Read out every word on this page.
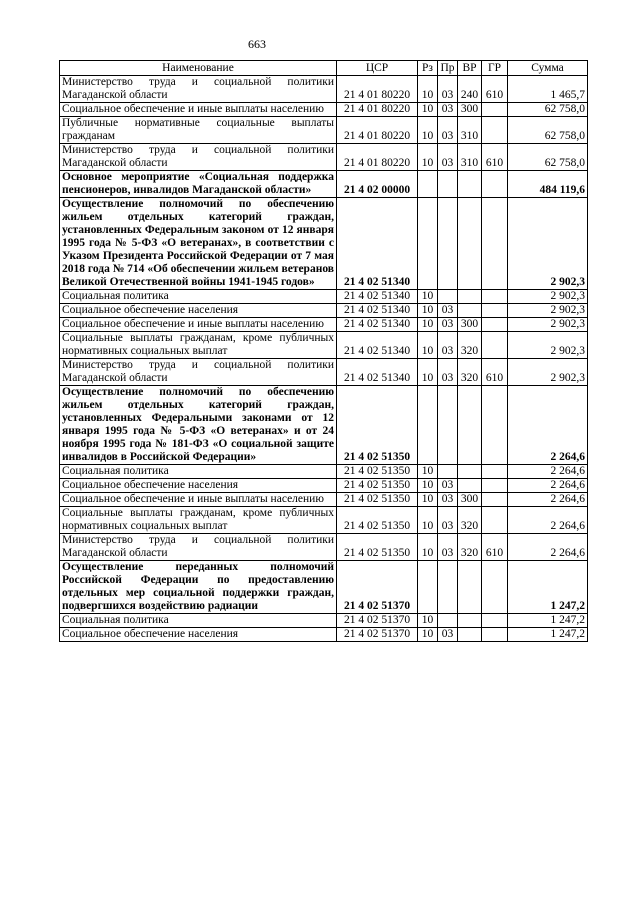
663
Наименование	ЦСР	Рз	Пр	ВР	ГР	Сумма
Министерство труда и социальной политики Магаданской области	21 4 01 80220	10	03	240	610	1 465,7
Социальное обеспечение и иные выплаты населению	21 4 01 80220	10	03	300		62 758,0
Публичные нормативные социальные выплаты гражданам	21 4 01 80220	10	03	310		62 758,0
Министерство труда и социальной политики Магаданской области	21 4 01 80220	10	03	310	610	62 758,0
Основное мероприятие «Социальная поддержка пенсионеров, инвалидов Магаданской области»	21 4 02 00000					484 119,6
Осуществление полномочий по обеспечению жильем отдельных категорий граждан, установленных Федеральным законом от 12 января 1995 года № 5-ФЗ «О ветеранах», в соответствии с Указом Президента Российской Федерации от 7 мая 2018 года № 714 «Об обеспечении жильем ветеранов Великой Отечественной войны 1941-1945 годов»	21 4 02 51340					2 902,3
Социальная политика	21 4 02 51340	10				2 902,3
Социальное обеспечение населения	21 4 02 51340	10	03			2 902,3
Социальное обеспечение и иные выплаты населению	21 4 02 51340	10	03	300		2 902,3
Социальные выплаты гражданам, кроме публичных нормативных социальных выплат	21 4 02 51340	10	03	320		2 902,3
Министерство труда и социальной политики Магаданской области	21 4 02 51340	10	03	320	610	2 902,3
Осуществление полномочий по обеспечению жильем отдельных категорий граждан, установленных Федеральными законами от 12 января 1995 года № 5-ФЗ «О ветеранах» и от 24 ноября 1995 года № 181-ФЗ «О социальной защите инвалидов в Российской Федерации»	21 4 02 51350					2 264,6
Социальная политика	21 4 02 51350	10				2 264,6
Социальное обеспечение населения	21 4 02 51350	10	03			2 264,6
Социальное обеспечение и иные выплаты населению	21 4 02 51350	10	03	300		2 264,6
Социальные выплаты гражданам, кроме публичных нормативных социальных выплат	21 4 02 51350	10	03	320		2 264,6
Министерство труда и социальной политики Магаданской области	21 4 02 51350	10	03	320	610	2 264,6
Осуществление переданных полномочий Российской Федерации по предоставлению отдельных мер социальной поддержки граждан, подвергшихся воздействию радиации	21 4 02 51370					1 247,2
Социальная политика	21 4 02 51370	10				1 247,2
Социальное обеспечение населения	21 4 02 51370	10	03			1 247,2
